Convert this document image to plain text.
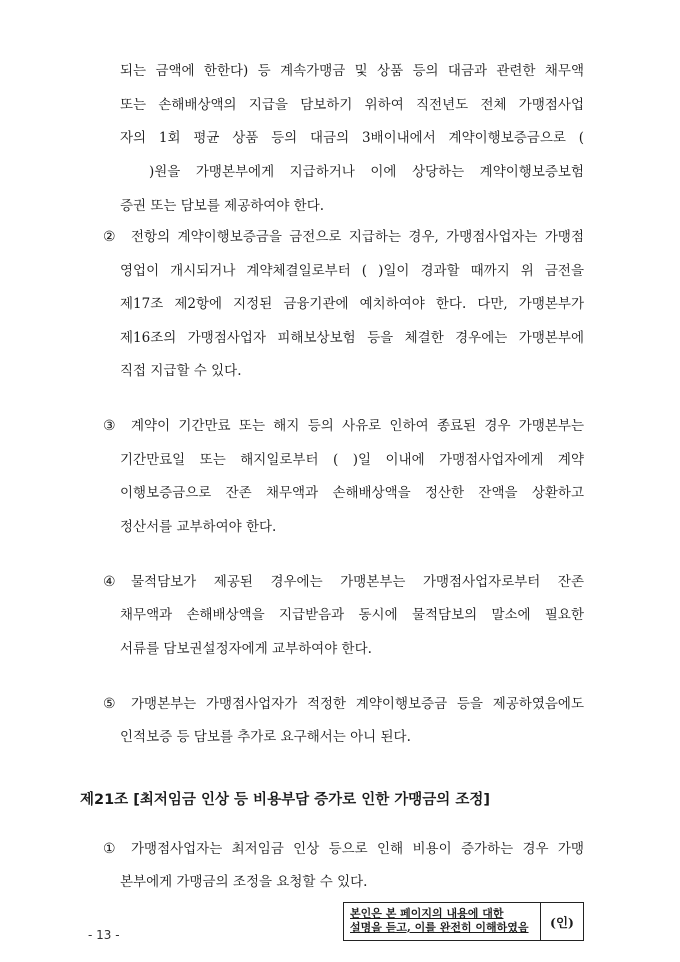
되는 금액에 한한다) 등 계속가맹금 및 상품 등의 대금과 관련한 채무액
또는 손해배상액의 지급을 담보하기 위하여 직전년도 전체 가맹점사업
자의 1회 평균 상품 등의 대금의 3배이내에서 계약이행보증금으로 (
)원을 가맹본부에게 지급하거나 이에 상당하는 계약이행보증보험
증권 또는 담보를 제공하여야 한다.
② 전항의 계약이행보증금을 금전으로 지급하는 경우, 가맹점사업자는 가맹점
영업이 개시되거나 계약체결일로부터 ( )일이 경과할 때까지 위 금전을
제17조 제2항에 지정된 금융기관에 예치하여야 한다. 다만, 가맹본부가
제16조의 가맹점사업자 피해보상보험 등을 체결한 경우에는 가맹본부에
직접 지급할 수 있다.
③ 계약이 기간만료 또는 해지 등의 사유로 인하여 종료된 경우 가맹본부는
기간만료일 또는 해지일로부터 ( )일 이내에 가맹점사업자에게 계약
이행보증금으로 잔존 채무액과 손해배상액을 정산한 잔액을 상환하고
정산서를 교부하여야 한다.
④ 물적담보가 제공된 경우에는 가맹본부는 가맹점사업자로부터 잔존
채무액과 손해배상액을 지급받음과 동시에 물적담보의 말소에 필요한
서류를 담보권설정자에게 교부하여야 한다.
⑤ 가맹본부는 가맹점사업자가 적정한 계약이행보증금 등을 제공하였음에도
인적보증 등 담보를 추가로 요구해서는 아니 된다.
제21조 [최저임금 인상 등 비용부담 증가로 인한 가맹금의 조정]
① 가맹점사업자는 최저임금 인상 등으로 인해 비용이 증가하는 경우 가맹
본부에게 가맹금의 조정을 요청할 수 있다.
- 13 -
본인은 본 페이지의 내용에 대한
설명을 듣고, 이를 완전히 이해하였음	(인)
